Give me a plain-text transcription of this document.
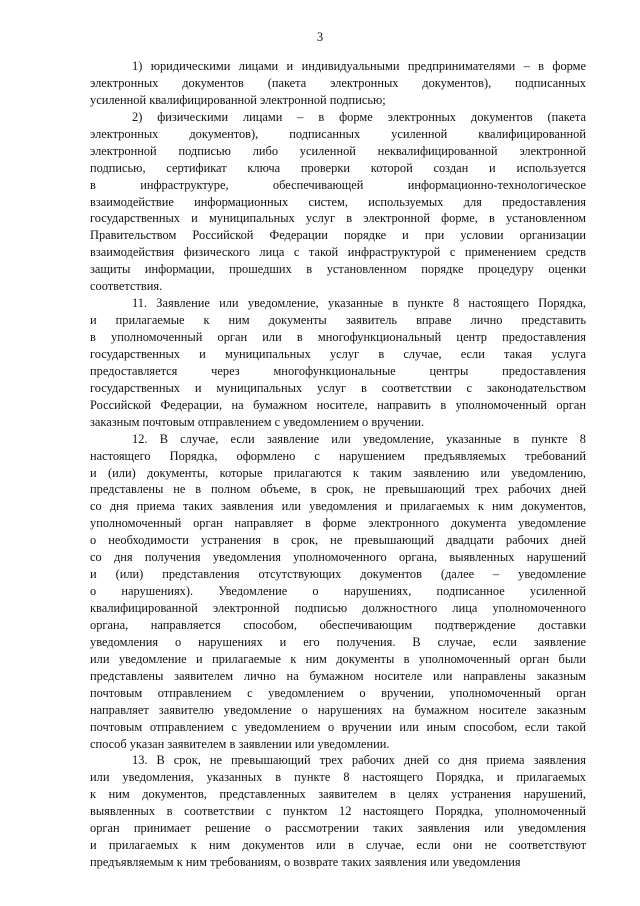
3
1) юридическими лицами и индивидуальными предпринимателями – в форме
электронных документов (пакета электронных документов), подписанных
усиленной квалифицированной электронной подписью;
2) физическими лицами – в форме электронных документов (пакета
электронных документов), подписанных усиленной квалифицированной
электронной подписью либо усиленной неквалифицированной электронной
подписью, сертификат ключа проверки которой создан и используется
в инфраструктуре, обеспечивающей информационно-технологическое
взаимодействие информационных систем, используемых для предоставления
государственных и муниципальных услуг в электронной форме, в установленном
Правительством Российской Федерации порядке и при условии организации
взаимодействия физического лица с такой инфраструктурой с применением средств
защиты информации, прошедших в установленном порядке процедуру оценки
соответствия.
11. Заявление или уведомление, указанные в пункте 8 настоящего Порядка,
и прилагаемые к ним документы заявитель вправе лично представить
в уполномоченный орган или в многофункциональный центр предоставления
государственных и муниципальных услуг в случае, если такая услуга
предоставляется через многофункциональные центры предоставления
государственных и муниципальных услуг в соответствии с законодательством
Российской Федерации, на бумажном носителе, направить в уполномоченный орган
заказным почтовым отправлением с уведомлением о вручении.
12. В случае, если заявление или уведомление, указанные в пункте 8
настоящего Порядка, оформлено с нарушением предъявляемых требований
и (или) документы, которые прилагаются к таким заявлению или уведомлению,
представлены не в полном объеме, в срок, не превышающий трех рабочих дней
со дня приема таких заявления или уведомления и прилагаемых к ним документов,
уполномоченный орган направляет в форме электронного документа уведомление
о необходимости устранения в срок, не превышающий двадцати рабочих дней
со дня получения уведомления уполномоченного органа, выявленных нарушений
и (или) представления отсутствующих документов (далее – уведомление
о нарушениях). Уведомление о нарушениях, подписанное усиленной
квалифицированной электронной подписью должностного лица уполномоченного
органа, направляется способом, обеспечивающим подтверждение доставки
уведомления о нарушениях и его получения. В случае, если заявление
или уведомление и прилагаемые к ним документы в уполномоченный орган были
представлены заявителем лично на бумажном носителе или направлены заказным
почтовым отправлением с уведомлением о вручении, уполномоченный орган
направляет заявителю уведомление о нарушениях на бумажном носителе заказным
почтовым отправлением с уведомлением о вручении или иным способом, если такой
способ указан заявителем в заявлении или уведомлении.
13. В срок, не превышающий трех рабочих дней со дня приема заявления
или уведомления, указанных в пункте 8 настоящего Порядка, и прилагаемых
к ним документов, представленных заявителем в целях устранения нарушений,
выявленных в соответствии с пунктом 12 настоящего Порядка, уполномоченный
орган принимает решение о рассмотрении таких заявления или уведомления
и прилагаемых к ним документов или в случае, если они не соответствуют
предъявляемым к ним требованиям, о возврате таких заявления или уведомления
